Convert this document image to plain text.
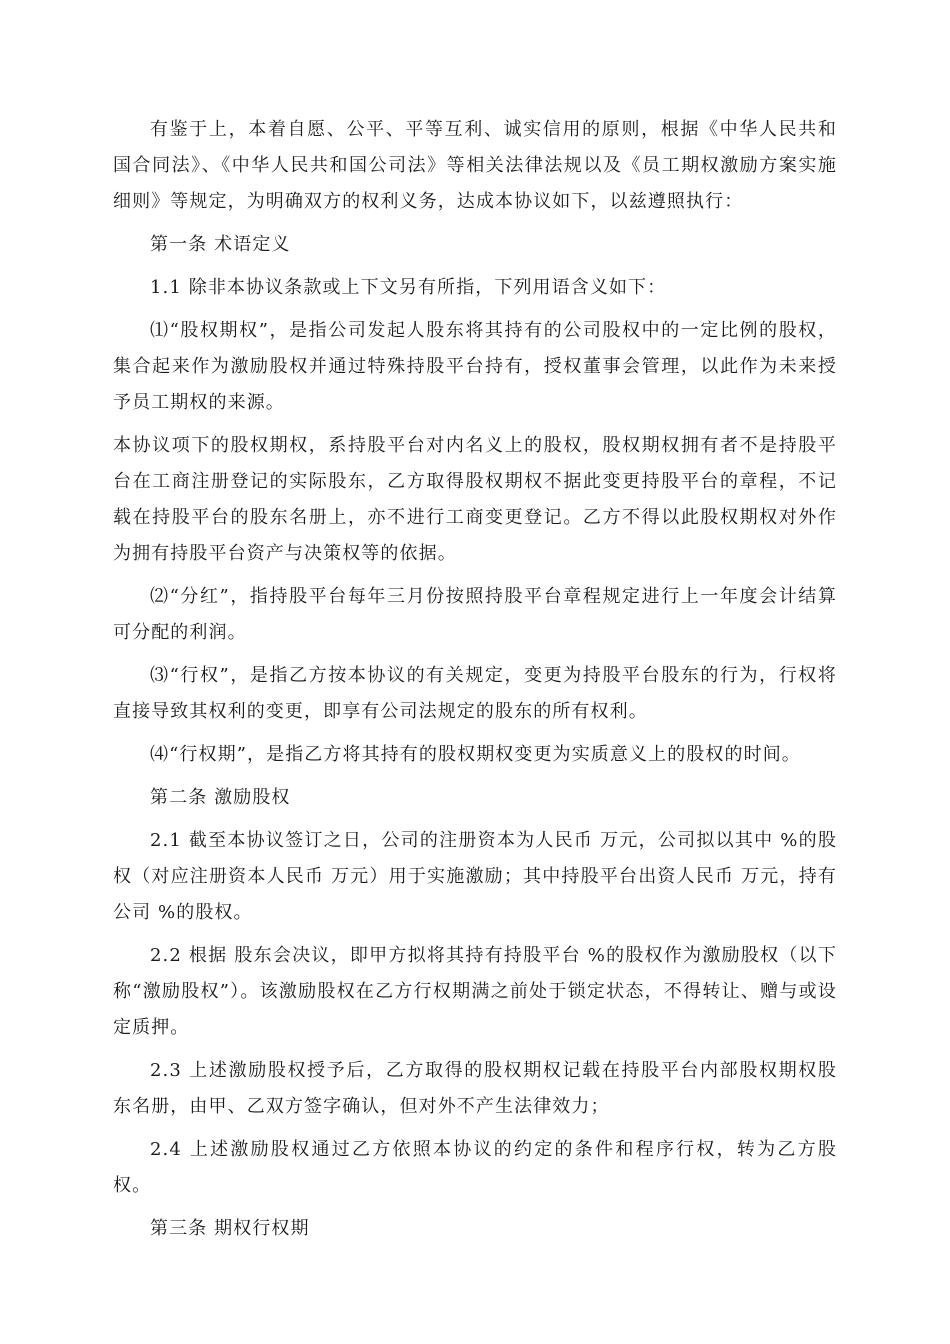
有鉴于上，本着自愿、公平、平等互利、诚实信用的原则，根据《中华人民共和国合同法》、《中华人民共和国公司法》等相关法律法规以及《员工期权激励方案实施细则》等规定，为明确双方的权利义务，达成本协议如下，以兹遵照执行：

第一条 术语定义

1.1 除非本协议条款或上下文另有所指，下列用语含义如下：

⑴“股权期权”，是指公司发起人股东将其持有的公司股权中的一定比例的股权，集合起来作为激励股权并通过特殊持股平台持有，授权董事会管理，以此作为未来授予员工期权的来源。

本协议项下的股权期权，系持股平台对内名义上的股权，股权期权拥有者不是持股平台在工商注册登记的实际股东，乙方取得股权期权不据此变更持股平台的章程，不记载在持股平台的股东名册上，亦不进行工商变更登记。乙方不得以此股权期权对外作为拥有持股平台资产与决策权等的依据。

⑵“分红”，指持股平台每年三月份按照持股平台章程规定进行上一年度会计结算可分配的利润。

⑶“行权”，是指乙方按本协议的有关规定，变更为持股平台股东的行为，行权将直接导致其权利的变更，即享有公司法规定的股东的所有权利。

⑷“行权期”，是指乙方将其持有的股权期权变更为实质意义上的股权的时间。

第二条 激励股权

2.1 截至本协议签订之日，公司的注册资本为人民币 万元，公司拟以其中 %的股权（对应注册资本人民币 万元）用于实施激励；其中持股平台出资人民币 万元，持有公司 %的股权。

2.2 根据 股东会决议，即甲方拟将其持有持股平台 %的股权作为激励股权（以下称“激励股权”）。该激励股权在乙方行权期满之前处于锁定状态，不得转让、赠与或设定质押。

2.3 上述激励股权授予后，乙方取得的股权期权记载在持股平台内部股权期权股东名册，由甲、乙双方签字确认，但对外不产生法律效力；

2.4 上述激励股权通过乙方依照本协议的约定的条件和程序行权，转为乙方股权。

第三条 期权行权期
